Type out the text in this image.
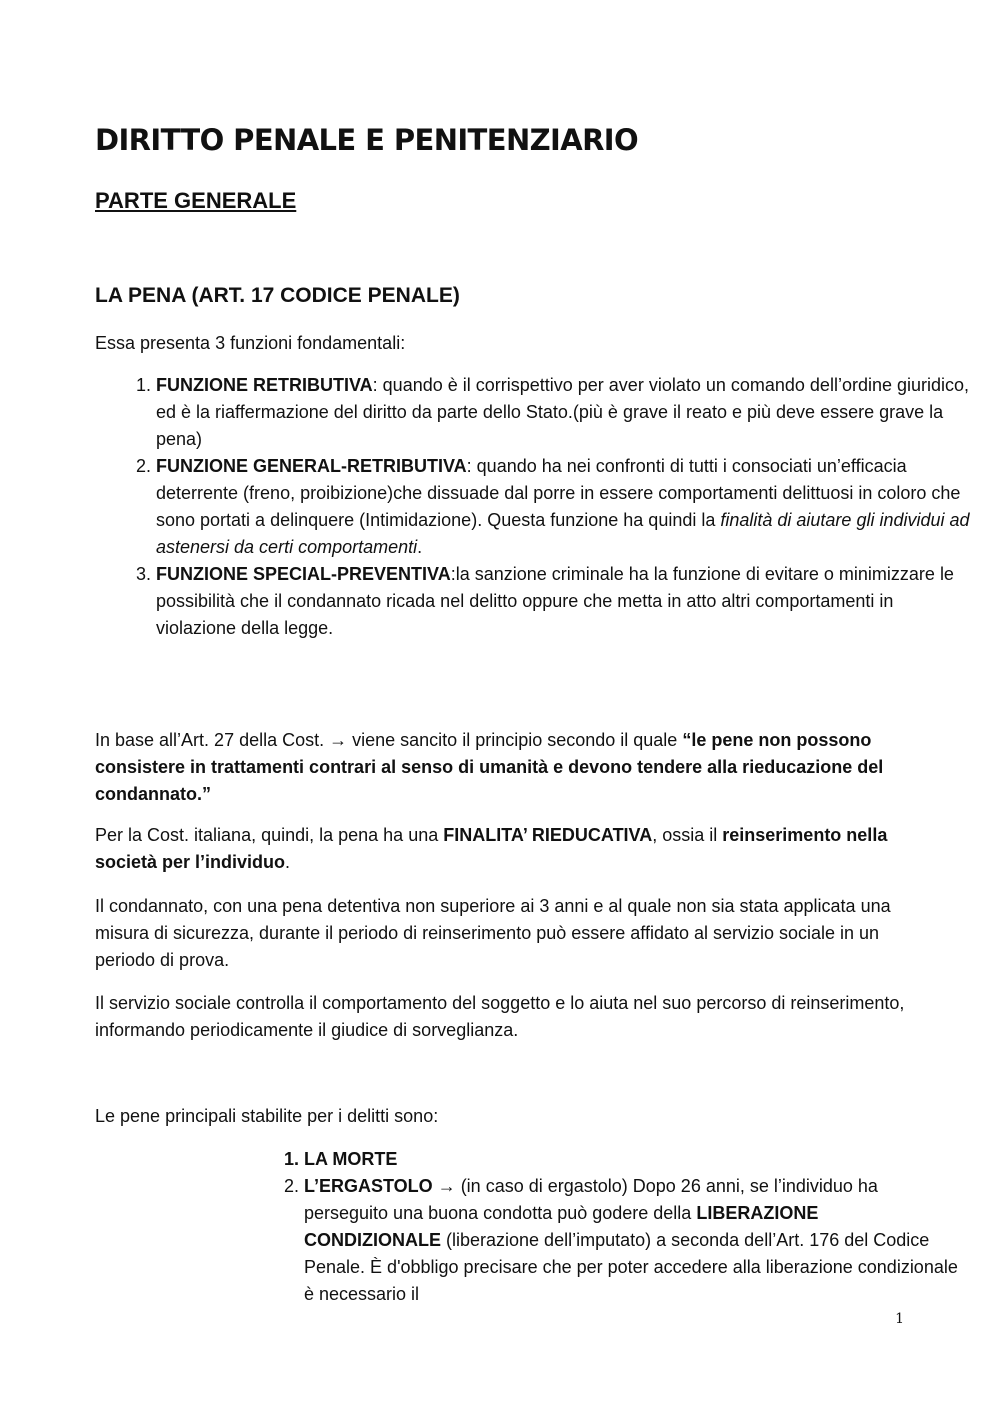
DIRITTO PENALE E PENITENZIARIO
PARTE GENERALE
LA PENA (ART. 17 CODICE PENALE)

Essa presenta 3 funzioni fondamentali:

1. FUNZIONE RETRIBUTIVA: quando è il corrispettivo per aver violato un comando dell’ordine giuridico, ed è la riaffermazione del diritto da parte dello Stato.(più è grave il reato e più deve essere grave la pena)
2. FUNZIONE GENERAL-RETRIBUTIVA: quando ha nei confronti di tutti i consociati un’efficacia deterrente (freno, proibizione)che dissuade dal porre in essere comportamenti delittuosi in coloro che sono portati a delinquere (Intimidazione). Questa funzione ha quindi la finalità di aiutare gli individui ad astenersi da certi comportamenti.
3. FUNZIONE SPECIAL-PREVENTIVA:la sanzione criminale ha la funzione di evitare o minimizzare le possibilità che il condannato ricada nel delitto oppure che metta in atto altri comportamenti in violazione della legge.

In base all’Art. 27 della Cost. → viene sancito il principio secondo il quale “le pene non possono consistere in trattamenti contrari al senso di umanità e devono tendere alla rieducazione del condannato.”

Per la Cost. italiana, quindi, la pena ha una FINALITA’ RIEDUCATIVA, ossia il reinserimento nella società per l’individuo.

Il condannato, con una pena detentiva non superiore ai 3 anni e al quale non sia stata applicata una misura di sicurezza, durante il periodo di reinserimento può essere affidato al servizio sociale in un periodo di prova.

Il servizio sociale controlla il comportamento del soggetto e lo aiuta nel suo percorso di reinserimento, informando periodicamente il giudice di sorveglianza.

Le pene principali stabilite per i delitti sono:

1. LA MORTE
2. L’ERGASTOLO → (in caso di ergastolo) Dopo 26 anni, se l’individuo ha perseguito una buona condotta può godere della LIBERAZIONE CONDIZIONALE (liberazione dell’imputato) a seconda dell’Art. 176 del Codice Penale. È d'obbligo precisare che per poter accedere alla liberazione condizionale è necessario il

1
